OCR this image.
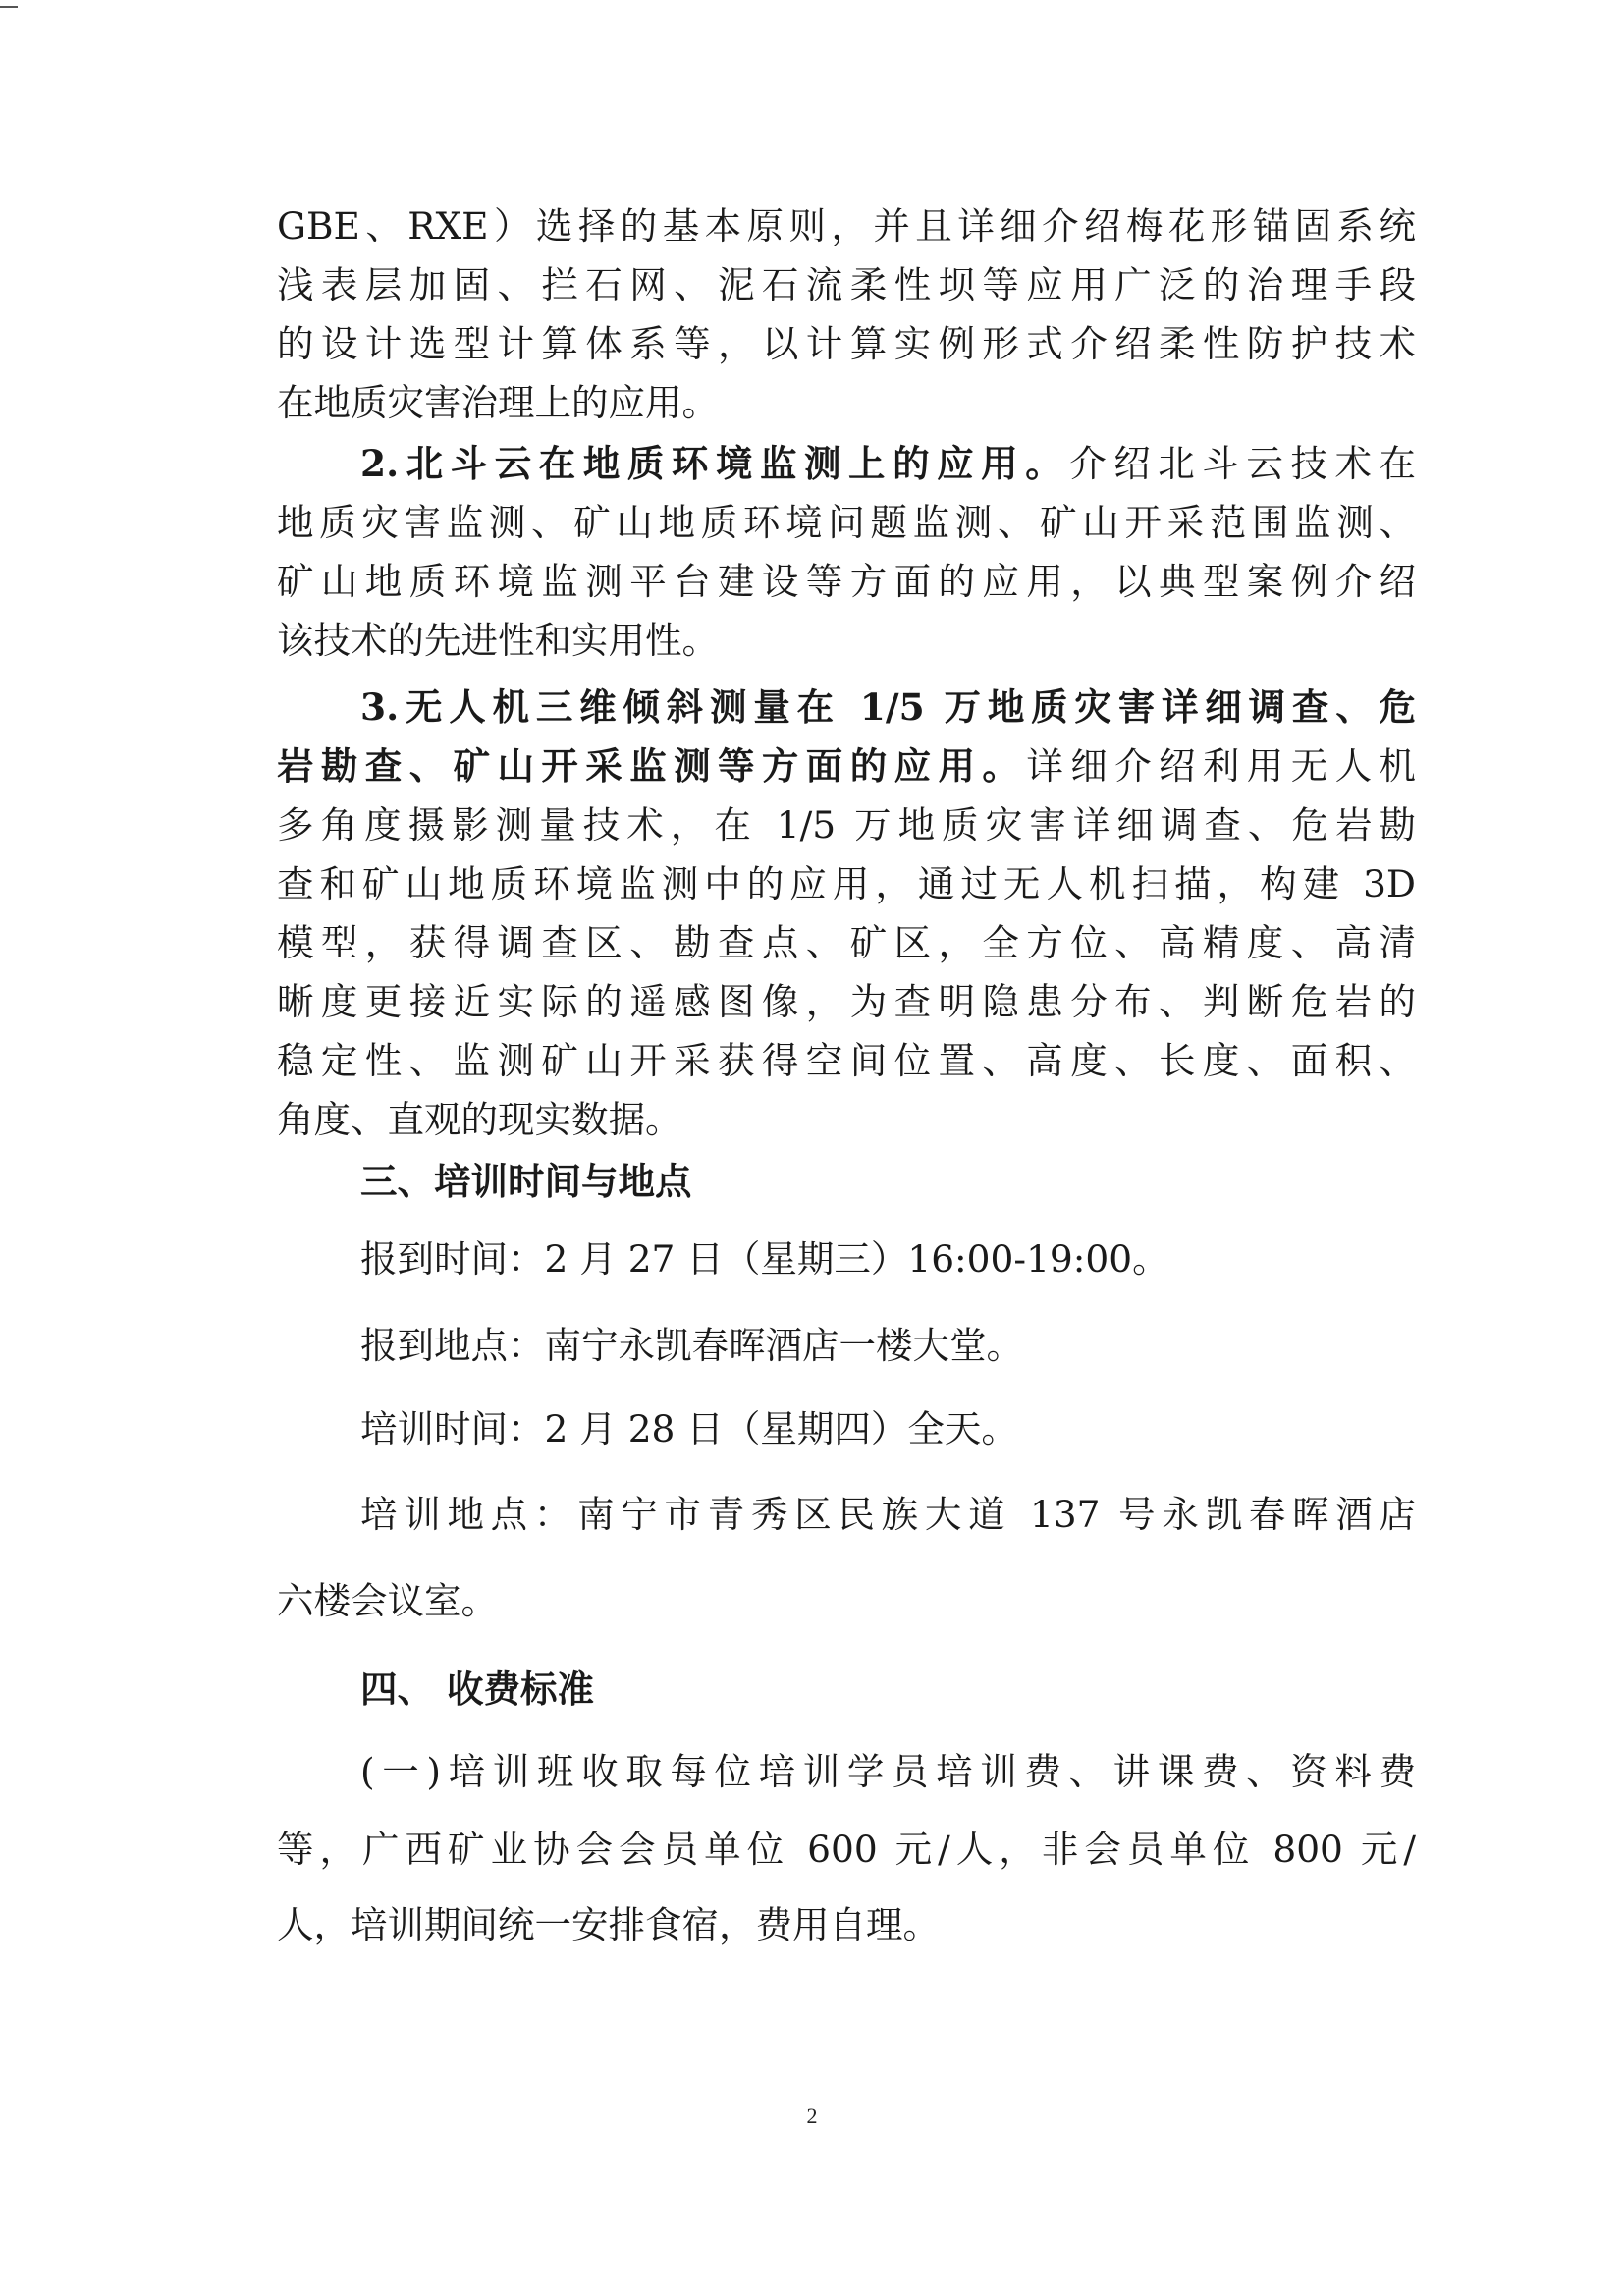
GBE、RXE）选择的基本原则，并且详细介绍梅花形锚固系统
浅表层加固、拦石网、泥石流柔性坝等应用广泛的治理手段
的设计选型计算体系等，以计算实例形式介绍柔性防护技术
在地质灾害治理上的应用。
2.北斗云在地质环境监测上的应用。介绍北斗云技术在
地质灾害监测、矿山地质环境问题监测、矿山开采范围监测、
矿山地质环境监测平台建设等方面的应用，以典型案例介绍
该技术的先进性和实用性。
3.无人机三维倾斜测量在 1/5 万地质灾害详细调查、危
岩勘查、矿山开采监测等方面的应用。详细介绍利用无人机
多角度摄影测量技术，在 1/5 万地质灾害详细调查、危岩勘
查和矿山地质环境监测中的应用，通过无人机扫描，构建 3D
模型，获得调查区、勘查点、矿区，全方位、高精度、高清
晰度更接近实际的遥感图像，为查明隐患分布、判断危岩的
稳定性、监测矿山开采获得空间位置、高度、长度、面积、
角度、直观的现实数据。
三、培训时间与地点
报到时间：2 月 27 日（星期三）16:00-19:00。
报到地点：南宁永凯春晖酒店一楼大堂。
培训时间：2 月 28 日（星期四）全天。
培训地点：南宁市青秀区民族大道 137 号永凯春晖酒店
六楼会议室。
四、 收费标准
(一)培训班收取每位培训学员培训费、讲课费、资料费
等，广西矿业协会会员单位 600 元/人，非会员单位 800 元/
人，培训期间统一安排食宿，费用自理。
2
